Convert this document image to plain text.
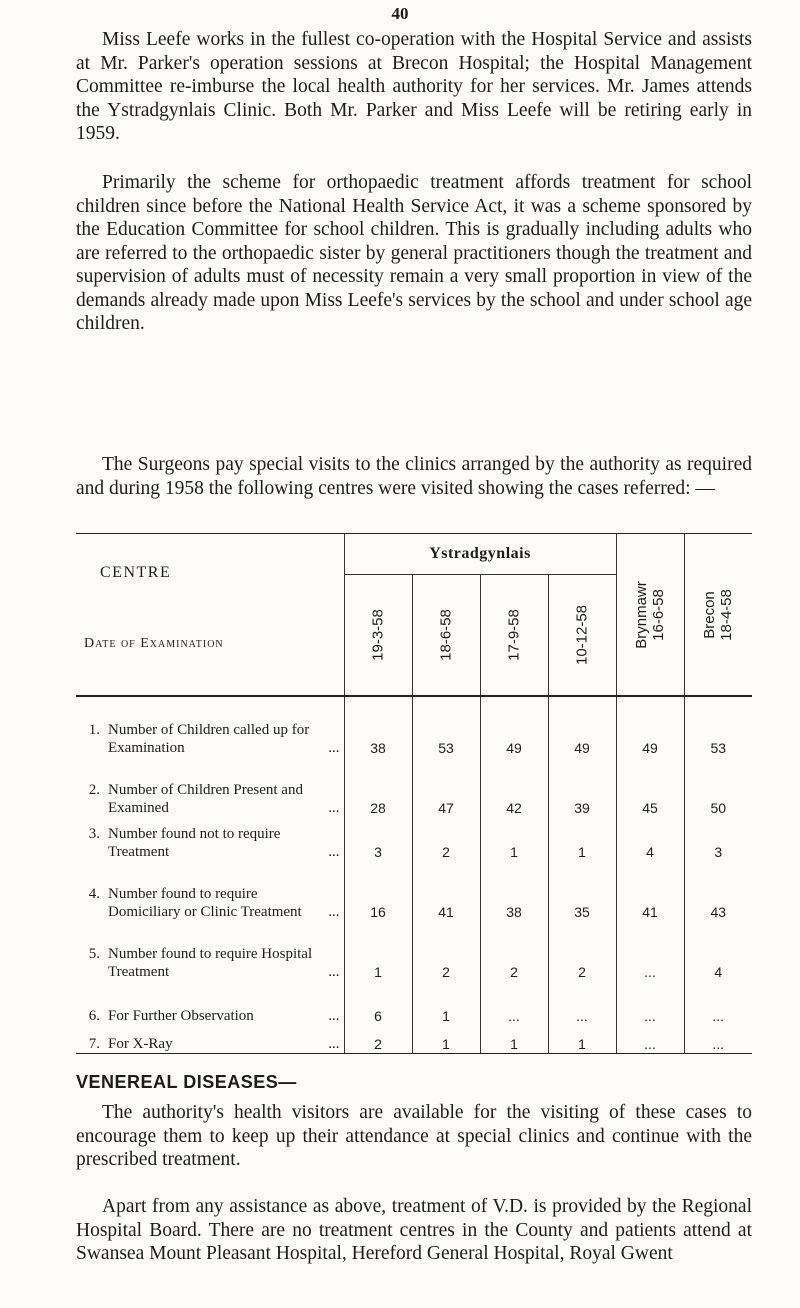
40

Miss Leefe works in the fullest co-operation with the Hospital Service and assists at Mr. Parker's operation sessions at Brecon Hospital; the Hospital Management Committee re-imburse the local health authority for her services. Mr. James attends the Ystradgynlais Clinic. Both Mr. Parker and Miss Leefe will be retiring early in 1959.

Primarily the scheme for orthopaedic treatment affords treatment for school children since before the National Health Service Act, it was a scheme sponsored by the Education Committee for school children. This is gradually including adults who are referred to the orthopaedic sister by general practitioners though the treatment and supervision of adults must of necessity remain a very small proportion in view of the demands already made upon Miss Leefe's services by the school and under school age children.

The Surgeons pay special visits to the clinics arranged by the authority as required and during 1958 the following centres were visited showing the cases referred: —

CENTRE
Date of Examination	Ystradgynlais				Brynmawr 16-6-58	Brecon 18-4-58

	19-3-58	18-6-58	17-9-58	10-12-58		

1. Number of Children called up for Examination ...	38	53	49	49	49	53
2. Number of Children Present and Examined ...	28	47	42	39	45	50
3. Number found not to require Treatment ...	3	2	1	1	4	3
4. Number found to require Domiciliary or Clinic Treatment ...	16	41	38	35	41	43
5. Number found to require Hospital Treatment ...	1	2	2	2	...	4
6. For Further Observation ...	6	1	...	...	...	...
7. For X-Ray ...	2	1	1	1	...	...
VENEREAL DISEASES—

The authority's health visitors are available for the visiting of these cases to encourage them to keep up their attendance at special clinics and continue with the prescribed treatment.

Apart from any assistance as above, treatment of V.D. is provided by the Regional Hospital Board. There are no treatment centres in the County and patients attend at Swansea Mount Pleasant Hospital, Hereford General Hospital, Royal Gwent
